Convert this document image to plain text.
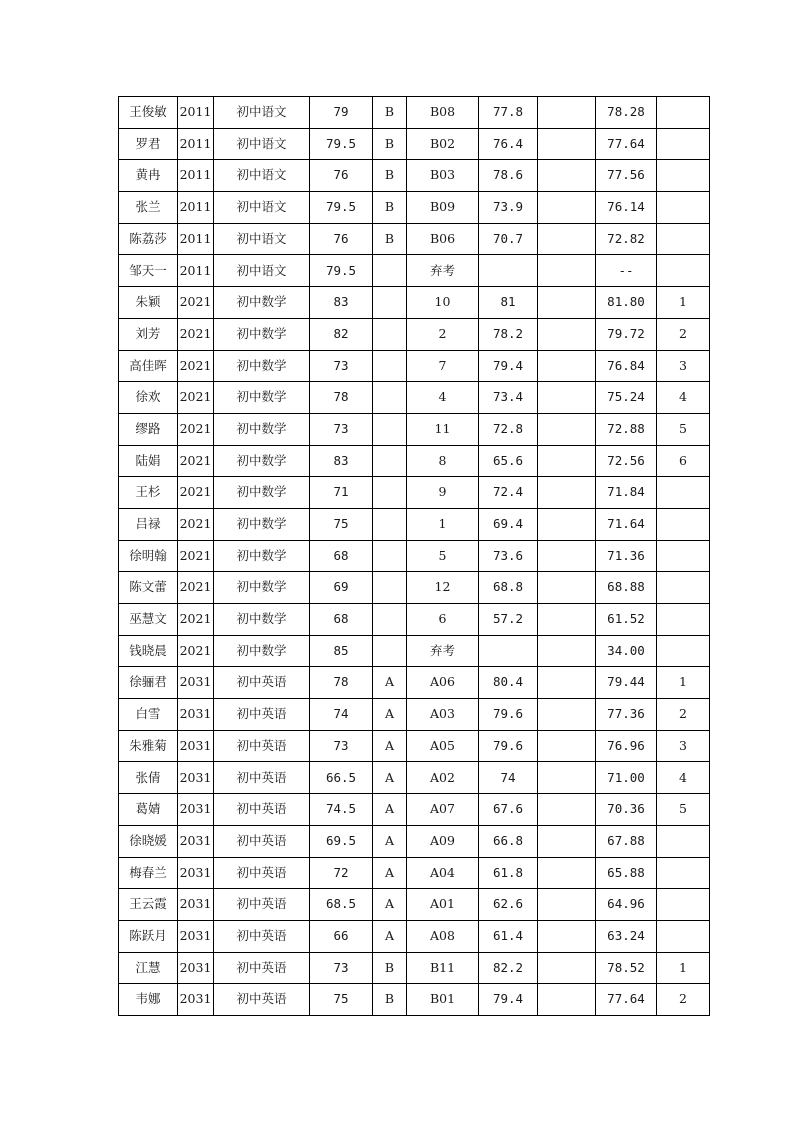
王俊敏	2011	初中语文	79	B	B08	77.8		78.28	
罗君	2011	初中语文	79.5	B	B02	76.4		77.64	
黄冉	2011	初中语文	76	B	B03	78.6		77.56	
张兰	2011	初中语文	79.5	B	B09	73.9		76.14	
陈荔莎	2011	初中语文	76	B	B06	70.7		72.82	
邹天一	2011	初中语文	79.5		弃考			--	
朱颖	2021	初中数学	83		10	81		81.80	1
刘芳	2021	初中数学	82		2	78.2		79.72	2
高佳晖	2021	初中数学	73		7	79.4		76.84	3
徐欢	2021	初中数学	78		4	73.4		75.24	4
缪路	2021	初中数学	73		11	72.8		72.88	5
陆娟	2021	初中数学	83		8	65.6		72.56	6
王杉	2021	初中数学	71		9	72.4		71.84	
吕禄	2021	初中数学	75		1	69.4		71.64	
徐明翰	2021	初中数学	68		5	73.6		71.36	
陈文蕾	2021	初中数学	69		12	68.8		68.88	
巫慧文	2021	初中数学	68		6	57.2		61.52	
钱晓晨	2021	初中数学	85		弃考			34.00	
徐骊君	2031	初中英语	78	A	A06	80.4		79.44	1
白雪	2031	初中英语	74	A	A03	79.6		77.36	2
朱雅菊	2031	初中英语	73	A	A05	79.6		76.96	3
张倩	2031	初中英语	66.5	A	A02	74		71.00	4
葛婧	2031	初中英语	74.5	A	A07	67.6		70.36	5
徐晓媛	2031	初中英语	69.5	A	A09	66.8		67.88	
梅春兰	2031	初中英语	72	A	A04	61.8		65.88	
王云霞	2031	初中英语	68.5	A	A01	62.6		64.96	
陈跃月	2031	初中英语	66	A	A08	61.4		63.24	
江慧	2031	初中英语	73	B	B11	82.2		78.52	1
韦娜	2031	初中英语	75	B	B01	79.4		77.64	2
